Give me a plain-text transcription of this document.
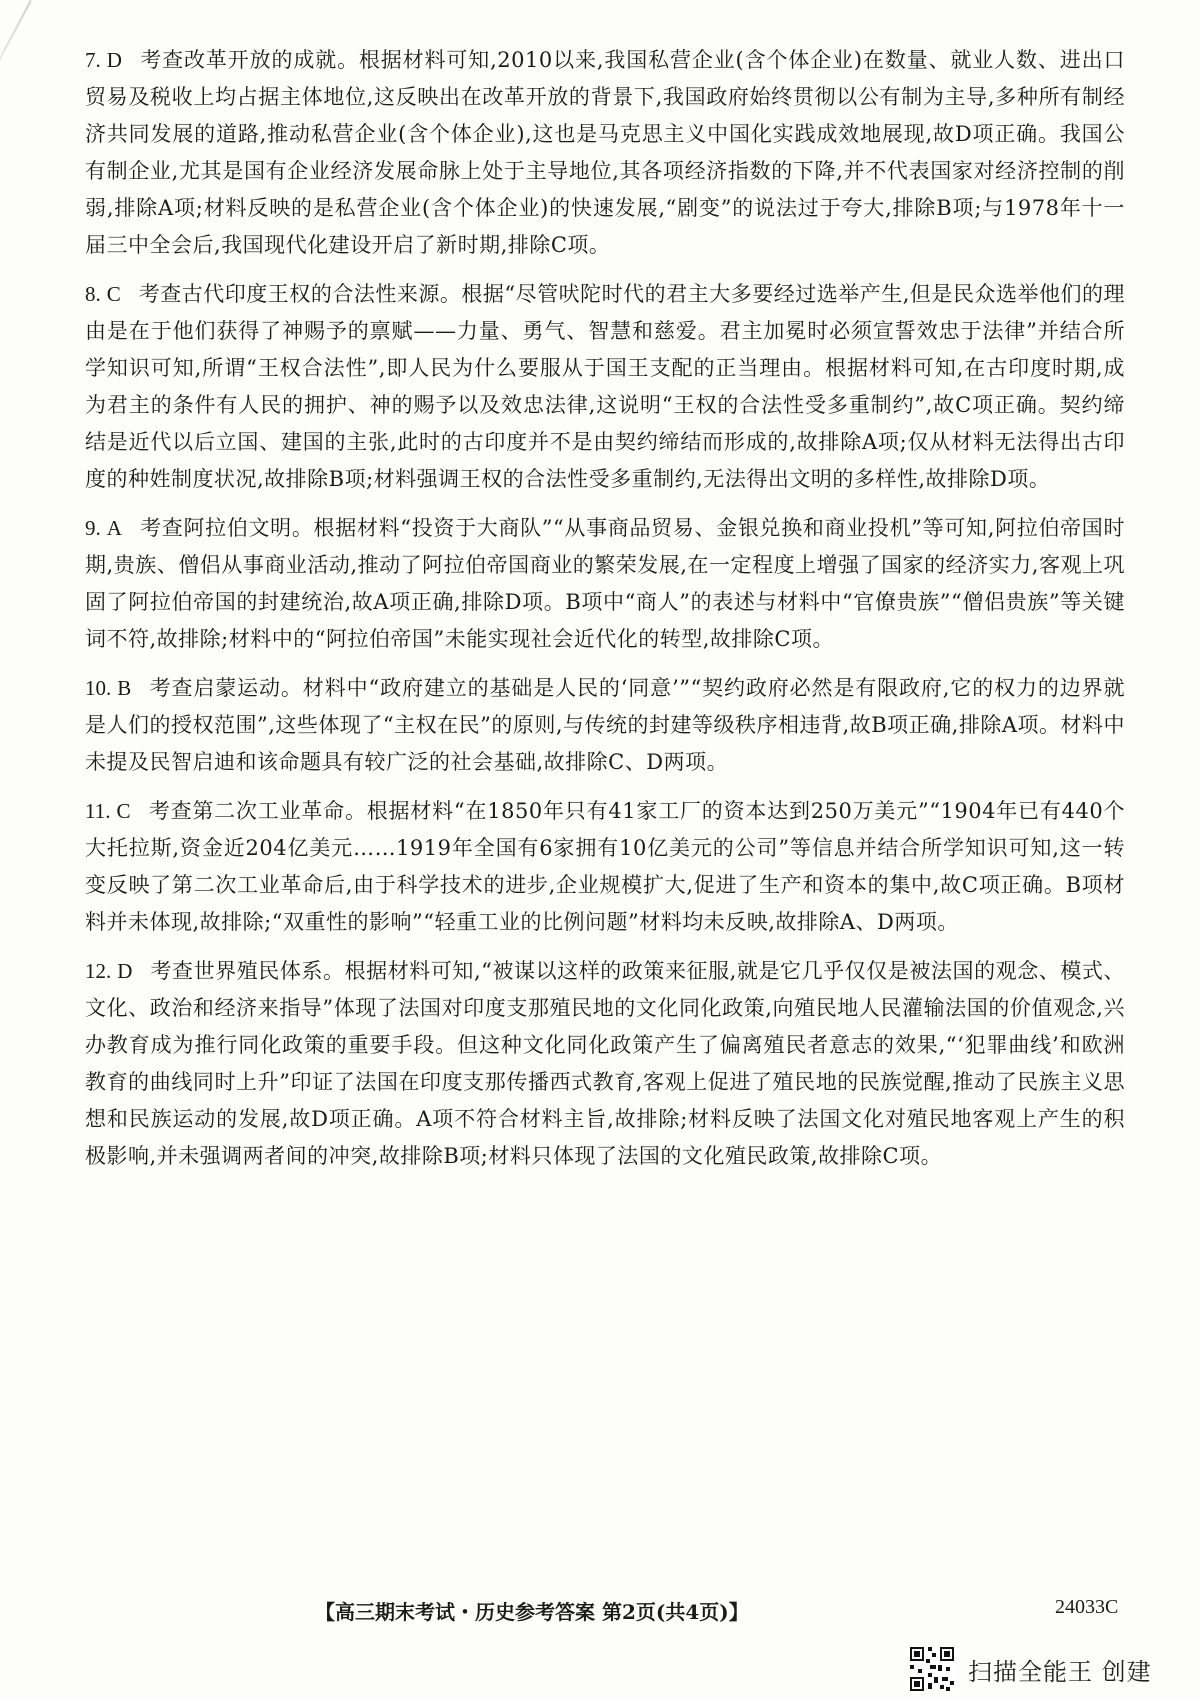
7. D 考查改革开放的成就。根据材料可知,2010以来,我国私营企业(含个体企业)在数量、就业人数、进出口贸易及税收上均占据主体地位,这反映出在改革开放的背景下,我国政府始终贯彻以公有制为主导,多种所有制经济共同发展的道路,推动私营企业(含个体企业),这也是马克思主义中国化实践成效地展现,故D项正确。我国公有制企业,尤其是国有企业经济发展命脉上处于主导地位,其各项经济指数的下降,并不代表国家对经济控制的削弱,排除A项;材料反映的是私营企业(含个体企业)的快速发展,“剧变”的说法过于夸大,排除B项;与1978年十一届三中全会后,我国现代化建设开启了新时期,排除C项。

8. C 考查古代印度王权的合法性来源。根据“尽管吠陀时代的君主大多要经过选举产生,但是民众选举他们的理由是在于他们获得了神赐予的禀赋——力量、勇气、智慧和慈爱。君主加冕时必须宣誓效忠于法律”并结合所学知识可知,所谓“王权合法性”,即人民为什么要服从于国王支配的正当理由。根据材料可知,在古印度时期,成为君主的条件有人民的拥护、神的赐予以及效忠法律,这说明“王权的合法性受多重制约”,故C项正确。契约缔结是近代以后立国、建国的主张,此时的古印度并不是由契约缔结而形成的,故排除A项;仅从材料无法得出古印度的种姓制度状况,故排除B项;材料强调王权的合法性受多重制约,无法得出文明的多样性,故排除D项。

9. A 考查阿拉伯文明。根据材料“投资于大商队”“从事商品贸易、金银兑换和商业投机”等可知,阿拉伯帝国时期,贵族、僧侣从事商业活动,推动了阿拉伯帝国商业的繁荣发展,在一定程度上增强了国家的经济实力,客观上巩固了阿拉伯帝国的封建统治,故A项正确,排除D项。B项中“商人”的表述与材料中“官僚贵族”“僧侣贵族”等关键词不符,故排除;材料中的“阿拉伯帝国”未能实现社会近代化的转型,故排除C项。

10. B 考查启蒙运动。材料中“政府建立的基础是人民的‘同意’”“契约政府必然是有限政府,它的权力的边界就是人们的授权范围”,这些体现了“主权在民”的原则,与传统的封建等级秩序相违背,故B项正确,排除A项。材料中未提及民智启迪和该命题具有较广泛的社会基础,故排除C、D两项。

11. C 考查第二次工业革命。根据材料“在1850年只有41家工厂的资本达到250万美元”“1904年已有440个大托拉斯,资金近204亿美元……1919年全国有6家拥有10亿美元的公司”等信息并结合所学知识可知,这一转变反映了第二次工业革命后,由于科学技术的进步,企业规模扩大,促进了生产和资本的集中,故C项正确。B项材料并未体现,故排除;“双重性的影响”“轻重工业的比例问题”材料均未反映,故排除A、D两项。

12. D 考查世界殖民体系。根据材料可知,“被谋以这样的政策来征服,就是它几乎仅仅是被法国的观念、模式、文化、政治和经济来指导”体现了法国对印度支那殖民地的文化同化政策,向殖民地人民灌输法国的价值观念,兴办教育成为推行同化政策的重要手段。但这种文化同化政策产生了偏离殖民者意志的效果,“‘犯罪曲线’和欧洲教育的曲线同时上升”印证了法国在印度支那传播西式教育,客观上促进了殖民地的民族觉醒,推动了民族主义思想和民族运动的发展,故D项正确。A项不符合材料主旨,故排除;材料反映了法国文化对殖民地客观上产生的积极影响,并未强调两者间的冲突,故排除B项;材料只体现了法国的文化殖民政策,故排除C项。

【高三期末考试・历史参考答案 第2页(共4页)】	24033C
扫描全能王 创建
